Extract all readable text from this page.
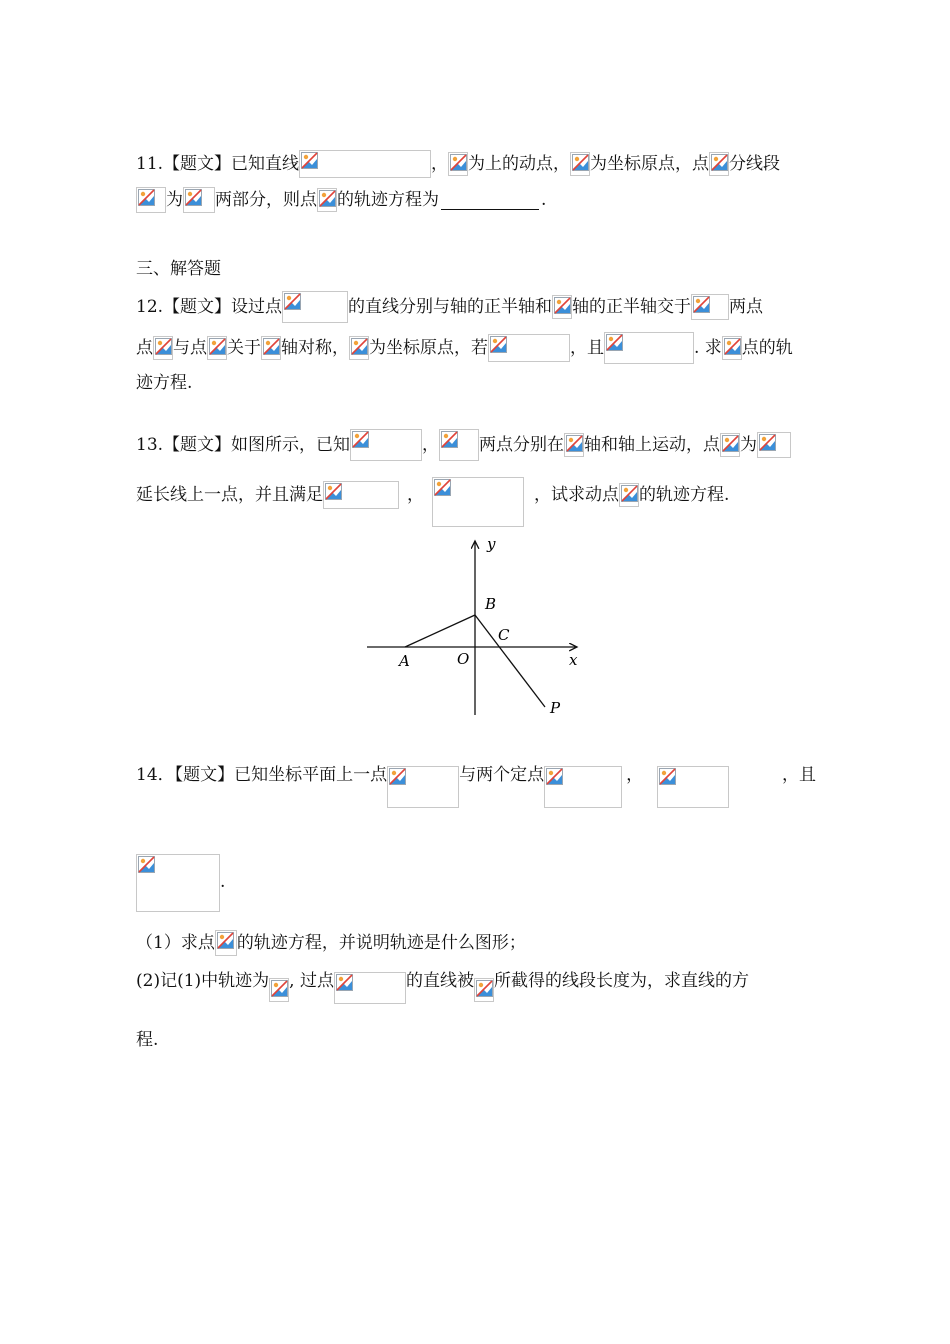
11.【题文】已知直线	， 为上的动点， 为坐标原点，点 分线段
为 两部分，则点 的轨迹方程为	.
三、解答题
12.【题文】设过点	的直线分别与轴的正半轴和 轴的正半轴交于 两点
点 与点 关于 轴对称， 为坐标原点，若	，且	. 求 点的轨
迹方程.
13.【题文】如图所示，已知	， 两点分别在 轴和轴上运动，点 为
延长线上一点，并且满足	，	，试求动点 的轨迹方程.
y
x
A	O
B
C
P
14．【题文】已知坐标平面上一点	与两个定点	，	，且
.
（1）求点 的轨迹方程，并说明轨迹是什么图形；
(2)记(1)中轨迹为 , 过点	的直线被 所截得的线段长度为，求直线的方
程.
